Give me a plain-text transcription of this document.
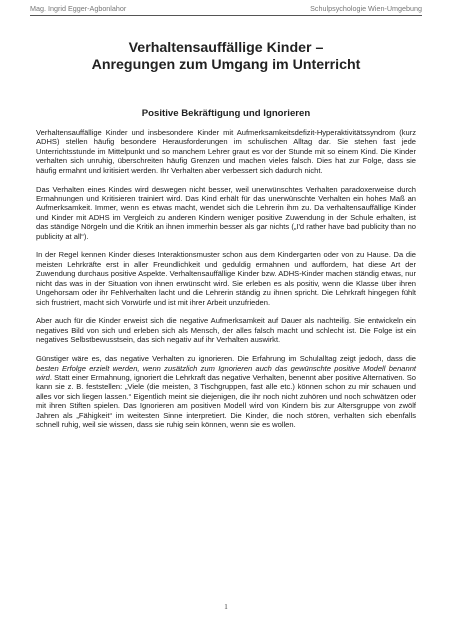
Mag. Ingrid Egger-Agbonlahor	Schulpsychologie Wien-Umgebung
Verhaltensauffällige Kinder –
Anregungen zum Umgang im Unterricht
Positive Bekräftigung und Ignorieren

Verhaltensauffällige Kinder und insbesondere Kinder mit Aufmerksamkeitsdefizit-Hyperaktivitätssyndrom (kurz ADHS) stellen häufig besondere Herausforderungen im schulischen Alltag dar. Sie stehen fast jede Unterrichtsstunde im Mittelpunkt und so manchem Lehrer graut es vor der Stunde mit so einem Kind. Die Kinder verhalten sich unruhig, überschreiten häufig Grenzen und machen vieles falsch. Dies hat zur Folge, dass sie häufig ermahnt und kritisiert werden. Ihr Verhalten aber verbessert sich dadurch nicht.

Das Verhalten eines Kindes wird deswegen nicht besser, weil unerwünschtes Verhalten paradoxerweise durch Ermahnungen und Kritisieren trainiert wird. Das Kind erhält für das unerwünschte Verhalten ein hohes Maß an Aufmerksamkeit. Immer, wenn es etwas macht, wendet sich die Lehrerin ihm zu. Da verhaltensauffällige Kinder und Kinder mit ADHS im Vergleich zu anderen Kindern weniger positive Zuwendung in der Schule erhalten, ist das ständige Nörgeln und die Kritik an ihnen immerhin besser als gar nichts („I'd rather have bad publicity than no publicity at all“).

In der Regel kennen Kinder dieses Interaktionsmuster schon aus dem Kindergarten oder von zu Hause. Da die meisten Lehrkräfte erst in aller Freundlichkeit und geduldig ermahnen und auffordern, hat diese Art der Zuwendung durchaus positive Aspekte. Verhaltensauffällige Kinder bzw. ADHS-Kinder machen ständig etwas, nur nicht das was in der Situation von ihnen erwünscht wird. Sie erleben es als positiv, wenn die Klasse über ihren Ungehorsam oder ihr Fehlverhalten lacht und die Lehrerin ständig zu ihnen spricht. Die Lehrkraft hingegen fühlt sich frustriert, macht sich Vorwürfe und ist mit ihrer Arbeit unzufrieden.

Aber auch für die Kinder erweist sich die negative Aufmerksamkeit auf Dauer als nachteilig. Sie entwickeln ein negatives Bild von sich und erleben sich als Mensch, der alles falsch macht und schlecht ist. Die Folge ist ein negatives Selbstbewusstsein, das sich negativ auf ihr Verhalten auswirkt.

Günstiger wäre es, das negative Verhalten zu ignorieren. Die Erfahrung im Schulalltag zeigt jedoch, dass die besten Erfolge erzielt werden, wenn zusätzlich zum Ignorieren auch das gewünschte positive Modell benannt wird. Statt einer Ermahnung, ignoriert die Lehrkraft das negative Verhalten, benennt aber positive Alternativen. So kann sie z. B. feststellen: „Viele (die meisten, 3 Tischgruppen, fast alle etc.) können schon zu mir schauen und alles vor sich liegen lassen.“ Eigentlich meint sie diejenigen, die ihr noch nicht zuhören und noch schwätzen oder mit ihren Stiften spielen. Das Ignorieren am positiven Modell wird von Kindern bis zur Altersgruppe von zwölf Jahren als „Fähigkeit“ im weitesten Sinne interpretiert. Die Kinder, die noch stören, verhalten sich ebenfalls schnell ruhig, weil sie wissen, dass sie ruhig sein können, wenn sie es wollen.

1
